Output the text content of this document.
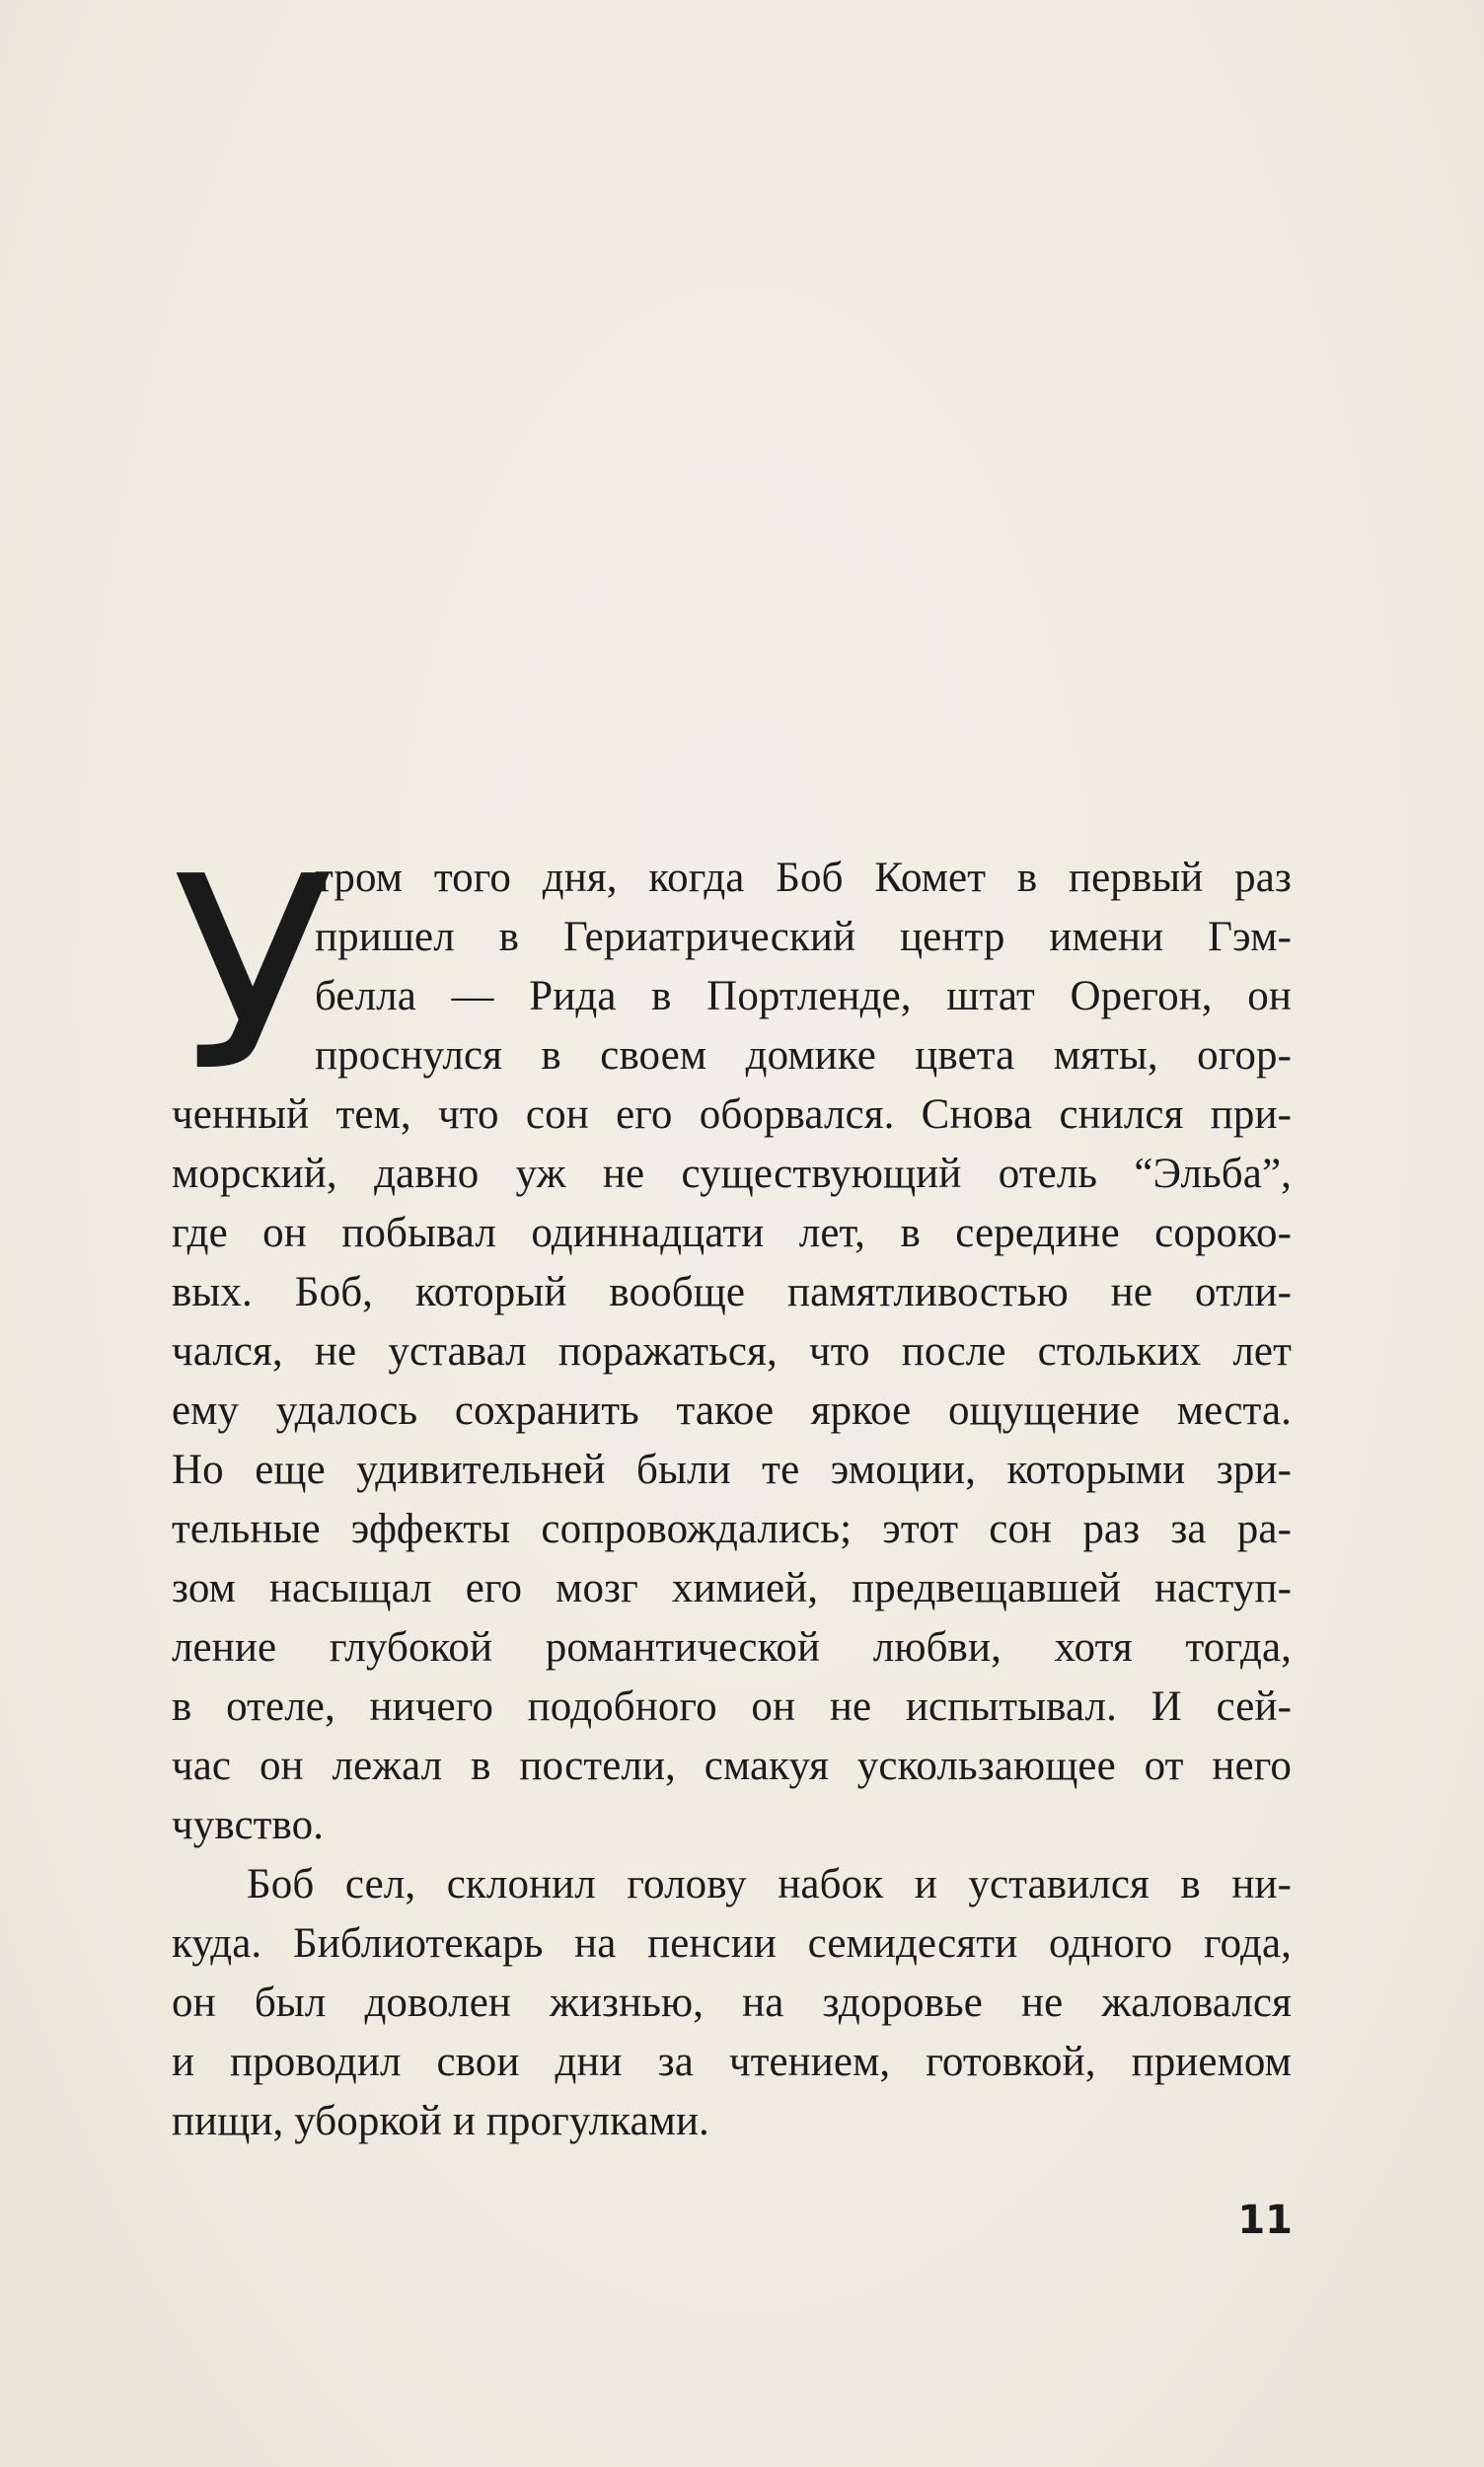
У
тром того дня, когда Боб Комет в первый раз
пришел в Гериатрический центр имени Гэм-
белла — Рида в Портленде, штат Орегон, он
проснулся в своем домике цвета мяты, огор-
ченный тем, что сон его оборвался. Снова снился при-
морский, давно уж не существующий отель “Эльба”,
где он побывал одиннадцати лет, в середине сороко-
вых. Боб, который вообще памятливостью не отли-
чался, не уставал поражаться, что после стольких лет
ему удалось сохранить такое яркое ощущение места.
Но еще удивительней были те эмоции, которыми зри-
тельные эффекты сопровождались; этот сон раз за ра-
зом насыщал его мозг химией, предвещавшей наступ-
ление глубокой романтической любви, хотя тогда,
в отеле, ничего подобного он не испытывал. И сей-
час он лежал в постели, смакуя ускользающее от него
чувство.
Боб сел, склонил голову набок и уставился в ни-
куда. Библиотекарь на пенсии семидесяти одного года,
он был доволен жизнью, на здоровье не жаловался
и проводил свои дни за чтением, готовкой, приемом
пищи, уборкой и прогулками.
11
